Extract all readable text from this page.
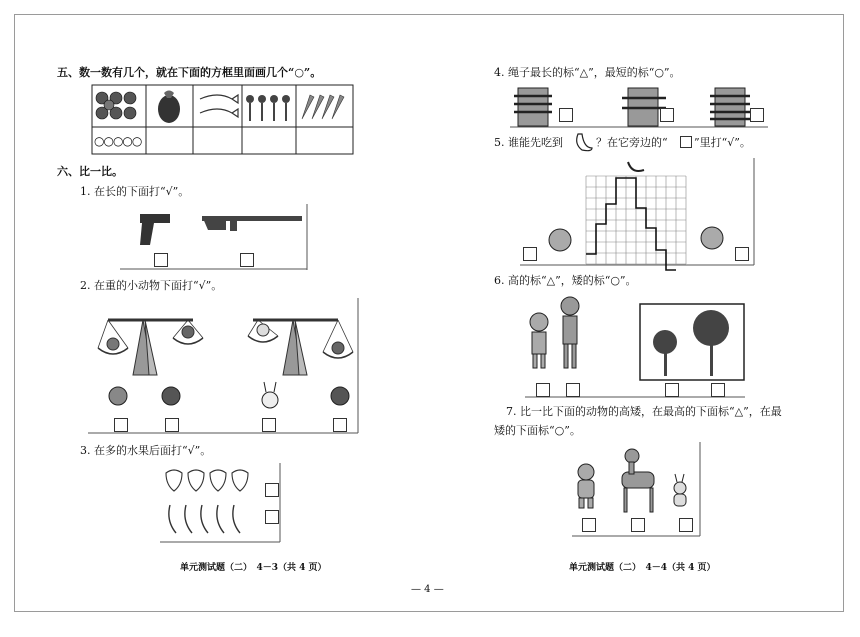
五、数一数有几个，就在下面的方框里面画几个“○”。
○○○○○
六、比一比。
1. 在长的下面打“√”。
2. 在重的小动物下面打“√”。
3. 在多的水果后面打“√”。
单元测试题（二）　4－3（共 4 页）
4. 绳子最长的标“△”，最短的标“○”。
5. 谁能先吃到	？在它旁边的“ ”里打“√”。
6. 高的标“△”，矮的标“○”。
7. 比一比下面的动物的高矮，在最高的下面标“△”，在最
矮的下面标“○”。
单元测试题（二）　4－4（共 4 页）
— 4 —
